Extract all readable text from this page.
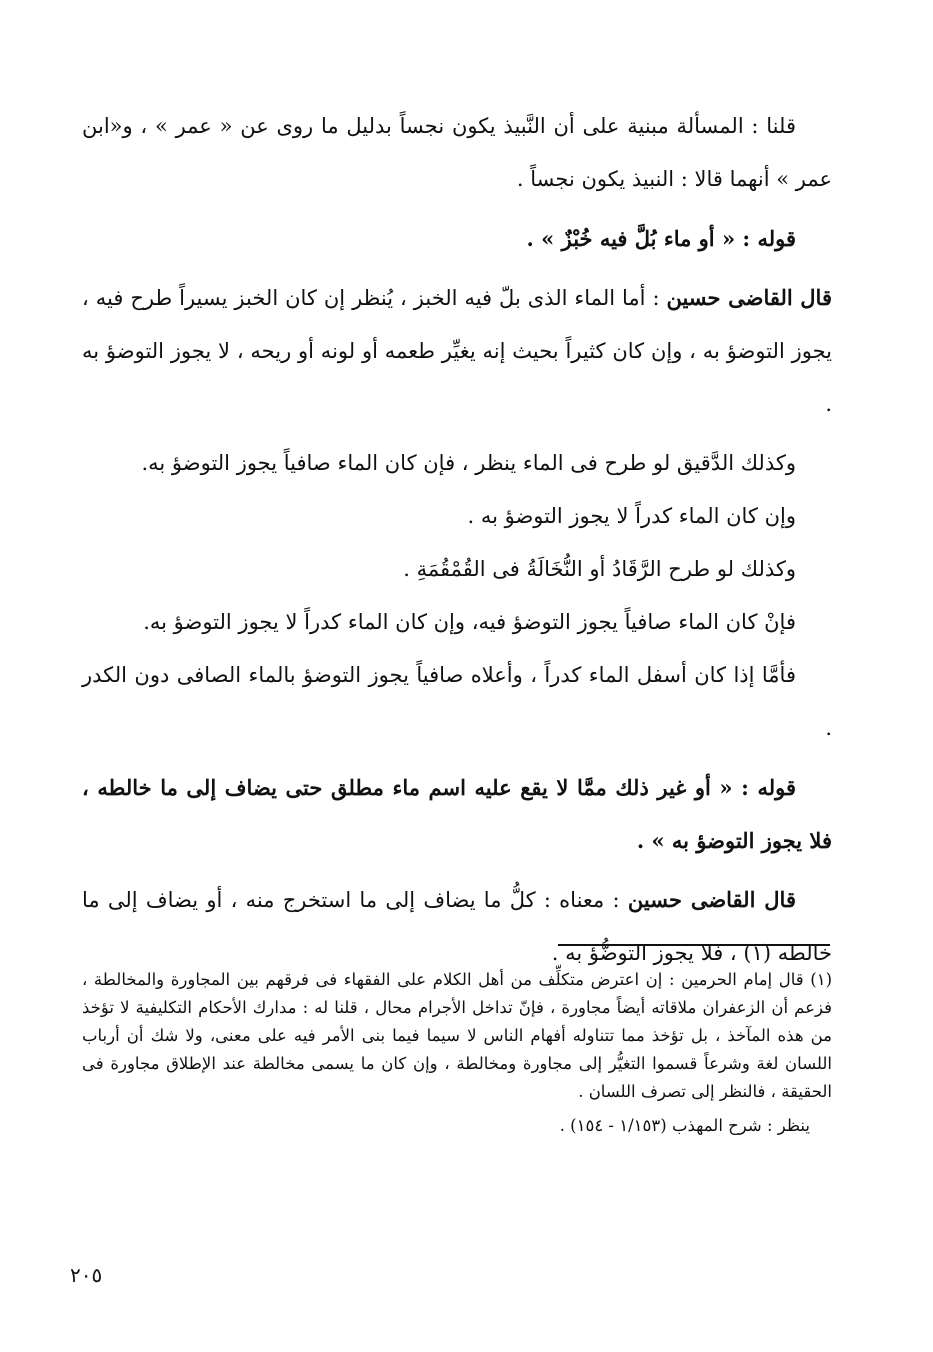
قلنا : المسألة مبنية على أن النَّبيذ يكون نجساً بدليل ما روى عن « عمر » ، و«ابن عمر » أنهما قالا : النبيذ يكون نجساً .

قوله : « أو ماء بُلَّ فيه خُبْزٌ » .

قال القاضى حسين : أما الماء الذى بلّ فيه الخبز ، يُنظر إن كان الخبز يسيراً طرح فيه ، يجوز التوضؤ به ، وإن كان كثيراً بحيث إنه يغيِّر طعمه أو لونه أو ريحه ، لا يجوز التوضؤ به .

وكذلك الدَّقيق لو طرح فى الماء ينظر ، فإن كان الماء صافياً يجوز التوضؤ به.

وإن كان الماء كدراً لا يجوز التوضؤ به .

وكذلك لو طرح الرَّقَادُ أو النُّخَالَةُ فى القُمْقُمَةِ .

فإنْ كان الماء صافياً يجوز التوضؤ فيه، وإن كان الماء كدراً لا يجوز التوضؤ به.

فأمَّا إذا كان أسفل الماء كدراً ، وأعلاه صافياً يجوز التوضؤ بالماء الصافى دون الكدر .

قوله : « أو غير ذلك ممَّا لا يقع عليه اسم ماء مطلق حتى يضاف إلى ما خالطه ، فلا يجوز التوضؤ به » .

قال القاضى حسين : معناه : كلُّ ما يضاف إلى ما استخرج منه ، أو يضاف إلى ما خالطه (١) ، فلا يجوز التوضُّؤ به .

(١) قال إمام الحرمين : إن اعترض متكلِّف من أهل الكلام على الفقهاء فى فرقهم بين المجاورة والمخالطة ، فزعم أن الزعفران ملاقاته أيضاً مجاورة ، فإنّ تداخل الأجرام محال ، قلنا له : مدارك الأحكام التكليفية لا تؤخذ من هذه المآخذ ، بل تؤخذ مما تتناوله أفهام الناس لا سيما فيما بنى الأمر فيه على معنى، ولا شك أن أرباب اللسان لغة وشرعاً قسموا التغيُّر إلى مجاورة ومخالطة ، وإن كان ما يسمى مخالطة عند الإطلاق مجاورة فى الحقيقة ، فالنظر إلى تصرف اللسان .

ينظر : شرح المهذب (١/١٥٣ - ١٥٤) .

٢٠٥
